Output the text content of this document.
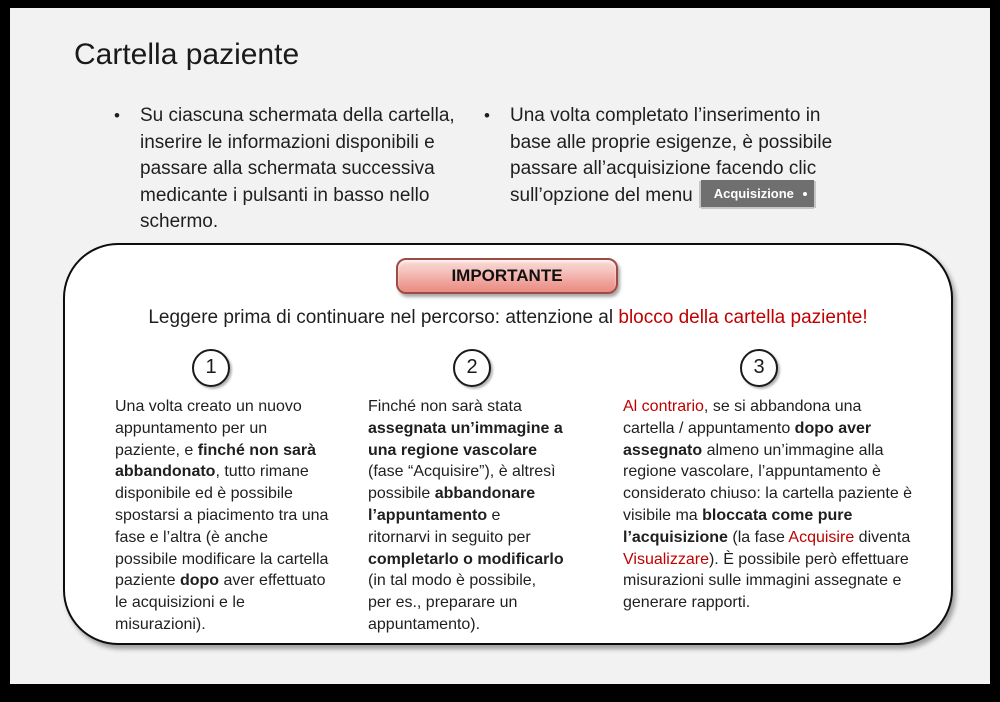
Cartella paziente
•	Su ciascuna schermata della cartella,
inserire le informazioni disponibili e
passare alla schermata successiva
medicante i pulsanti in basso nello
schermo.
•	Una volta completato l’inserimento in
base alle proprie esigenze, è possibile
passare all’acquisizione facendo clic
sull’opzione del menu Acquisizione
IMPORTANTE
Leggere prima di continuare nel percorso: attenzione al blocco della cartella paziente!
1	2	3
Una volta creato un nuovo
appuntamento per un
paziente, e finché non sarà
abbandonato, tutto rimane
disponibile ed è possibile
spostarsi a piacimento tra una
fase e l’altra (è anche
possibile modificare la cartella
paziente dopo aver effettuato
le acquisizioni e le
misurazioni).
Finché non sarà stata
assegnata un’immagine a
una regione vascolare
(fase “Acquisire”), è altresì
possibile abbandonare
l’appuntamento e
ritornarvi in seguito per
completarlo o modificarlo
(in tal modo è possibile,
per es., preparare un
appuntamento).
Al contrario, se si abbandona una
cartella / appuntamento dopo aver
assegnato almeno un’immagine alla
regione vascolare, l’appuntamento è
considerato chiuso: la cartella paziente è
visibile ma bloccata come pure
l’acquisizione (la fase Acquisire diventa
Visualizzare). È possibile però effettuare
misurazioni sulle immagini assegnate e
generare rapporti.
